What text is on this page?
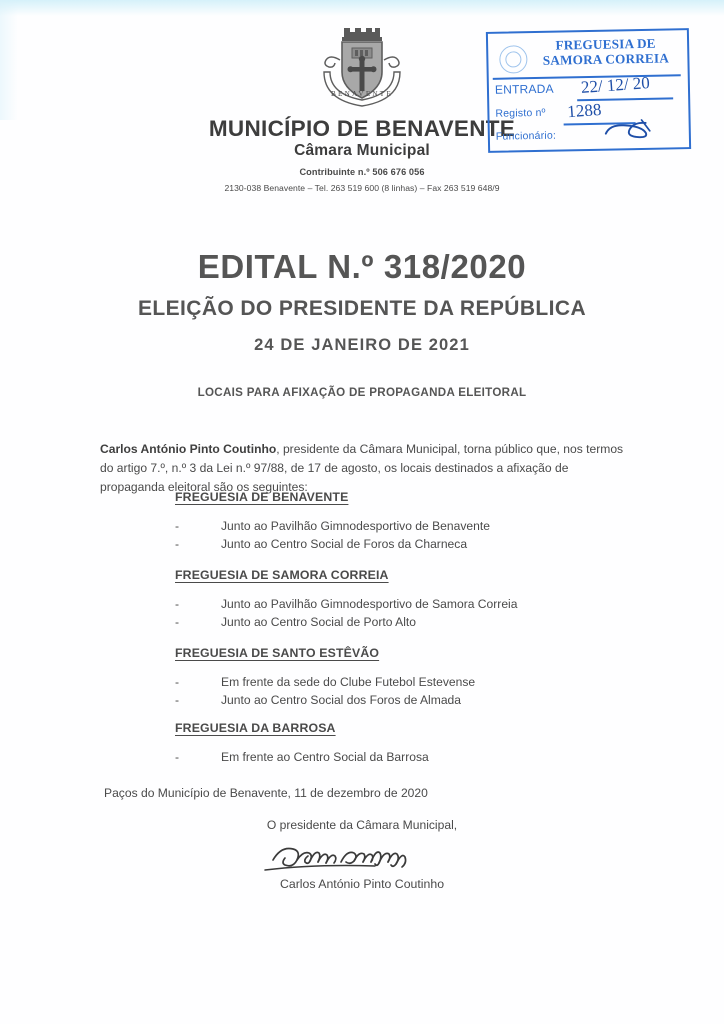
BENAVENTE
MUNICÍPIO DE BENAVENTE
Câmara Municipal
Contribuinte n.º 506 676 056
2130-038 Benavente – Tel. 263 519 600 (8 linhas) – Fax 263 519 648/9
FREGUESIA DE
SAMORA CORREIA
ENTRADA 22/ 12/ 20
Registo nº 1288
Funcionário:
EDITAL N.º 318/2020
ELEIÇÃO DO PRESIDENTE DA REPÚBLICA
24 DE JANEIRO DE 2021
LOCAIS PARA AFIXAÇÃO DE PROPAGANDA ELEITORAL

Carlos António Pinto Coutinho, presidente da Câmara Municipal, torna público que, nos termos do artigo 7.º, n.º 3 da Lei n.º 97/88, de 17 de agosto, os locais destinados a afixação de propaganda eleitoral são os seguintes:

FREGUESIA DE BENAVENTE
-	Junto ao Pavilhão Gimnodesportivo de Benavente
-	Junto ao Centro Social de Foros da Charneca
FREGUESIA DE SAMORA CORREIA
-	Junto ao Pavilhão Gimnodesportivo de Samora Correia
-	Junto ao Centro Social de Porto Alto
FREGUESIA DE SANTO ESTÊVÃO
-	Em frente da sede do Clube Futebol Estevense
-	Junto ao Centro Social dos Foros de Almada
FREGUESIA DA BARROSA
-	Em frente ao Centro Social da Barrosa
Paços do Município de Benavente, 11 de dezembro de 2020
O presidente da Câmara Municipal,
Carlos António Pinto Coutinho
